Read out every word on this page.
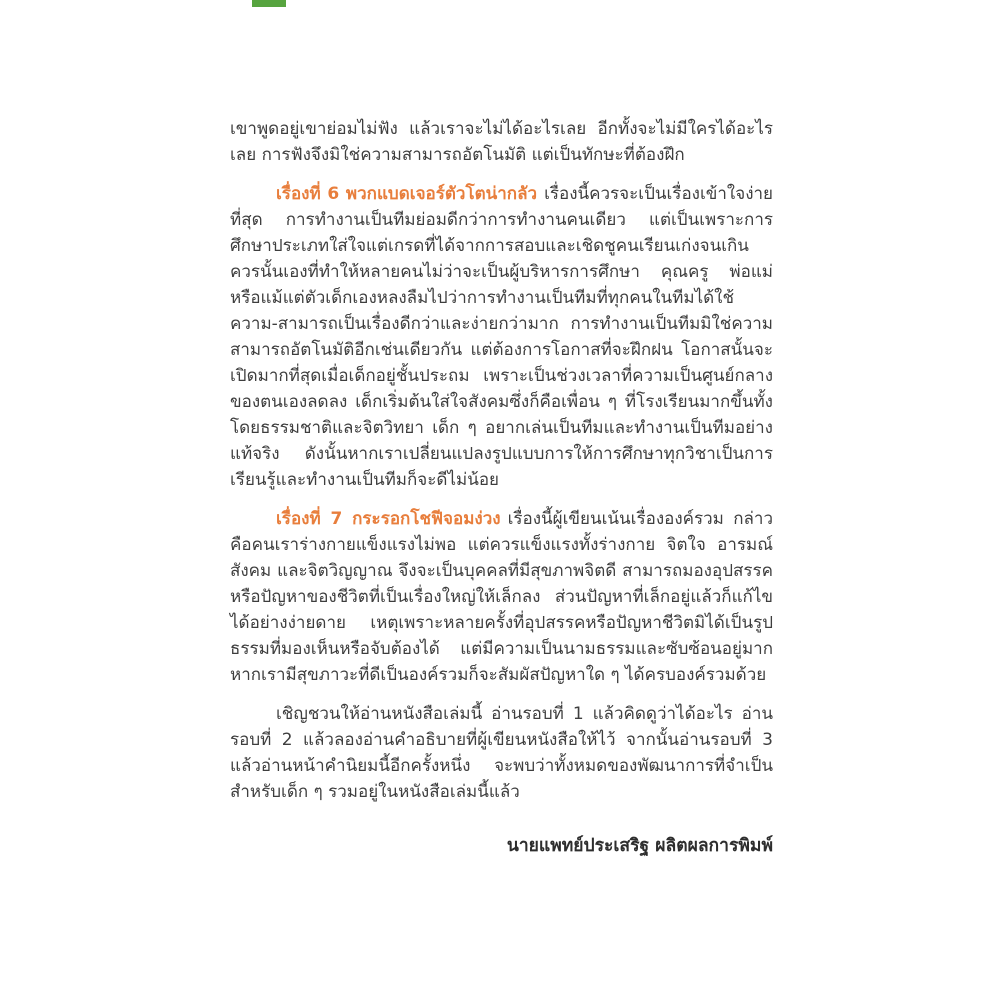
เขาพูดอยู่เขาย่อมไม่ฟัง แล้วเราจะไม่ได้อะไรเลย อีกทั้งจะไม่มีใครได้อะไรเลย การฟังจึงมิใช่ความสามารถอัตโนมัติ แต่เป็นทักษะที่ต้องฝึก

เรื่องที่ 6 พวกแบดเจอร์ตัวโตน่ากลัว เรื่องนี้ควรจะเป็นเรื่องเข้าใจง่ายที่สุด การทำงานเป็นทีมย่อมดีกว่าการทำงานคนเดียว แต่เป็นเพราะการศึกษาประเภทใส่ใจแต่เกรดที่ได้จากการสอบและเชิดชูคนเรียนเก่งจนเกินควรนั้นเองที่ทำให้หลายคนไม่ว่าจะเป็นผู้บริหารการศึกษา คุณครู พ่อแม่ หรือแม้แต่ตัวเด็กเองหลงลืมไปว่าการทำงานเป็นทีมที่ทุกคนในทีมได้ใช้ความ-สามารถเป็นเรื่องดีกว่าและง่ายกว่ามาก การทำงานเป็นทีมมิใช่ความสามารถอัตโนมัติอีกเช่นเดียวกัน แต่ต้องการโอกาสที่จะฝึกฝน โอกาสนั้นจะเปิดมากที่สุดเมื่อเด็กอยู่ชั้นประถม เพราะเป็นช่วงเวลาที่ความเป็นศูนย์กลางของตนเองลดลง เด็กเริ่มต้นใส่ใจสังคมซึ่งก็คือเพื่อน ๆ ที่โรงเรียนมากขึ้นทั้งโดยธรรมชาติและจิตวิทยา เด็ก ๆ อยากเล่นเป็นทีมและทำงานเป็นทีมอย่างแท้จริง ดังนั้นหากเราเปลี่ยนแปลงรูปแบบการให้การศึกษาทุกวิชาเป็นการเรียนรู้และทำงานเป็นทีมก็จะดีไม่น้อย

เรื่องที่ 7 กระรอกโชฟีจอมง่วง เรื่องนี้ผู้เขียนเน้นเรื่ององค์รวม กล่าวคือคนเราร่างกายแข็งแรงไม่พอ แต่ควรแข็งแรงทั้งร่างกาย จิตใจ อารมณ์ สังคม และจิตวิญญาณ จึงจะเป็นบุคคลที่มีสุขภาพจิตดี สามารถมองอุปสรรคหรือปัญหาของชีวิตที่เป็นเรื่องใหญ่ให้เล็กลง ส่วนปัญหาที่เล็กอยู่แล้วก็แก้ไขได้อย่างง่ายดาย เหตุเพราะหลายครั้งที่อุปสรรคหรือปัญหาชีวิตมิได้เป็นรูปธรรมที่มองเห็นหรือจับต้องได้ แต่มีความเป็นนามธรรมและซับซ้อนอยู่มาก หากเรามีสุขภาวะที่ดีเป็นองค์รวมก็จะสัมผัสปัญหาใด ๆ ได้ครบองค์รวมด้วย

เชิญชวนให้อ่านหนังสือเล่มนี้ อ่านรอบที่ 1 แล้วคิดดูว่าได้อะไร อ่านรอบที่ 2 แล้วลองอ่านคำอธิบายที่ผู้เขียนหนังสือให้ไว้ จากนั้นอ่านรอบที่ 3 แล้วอ่านหน้าคำนิยมนี้อีกครั้งหนึ่ง จะพบว่าทั้งหมดของพัฒนาการที่จำเป็นสำหรับเด็ก ๆ รวมอยู่ในหนังสือเล่มนี้แล้ว

นายแพทย์ประเสริฐ ผลิตผลการพิมพ์
